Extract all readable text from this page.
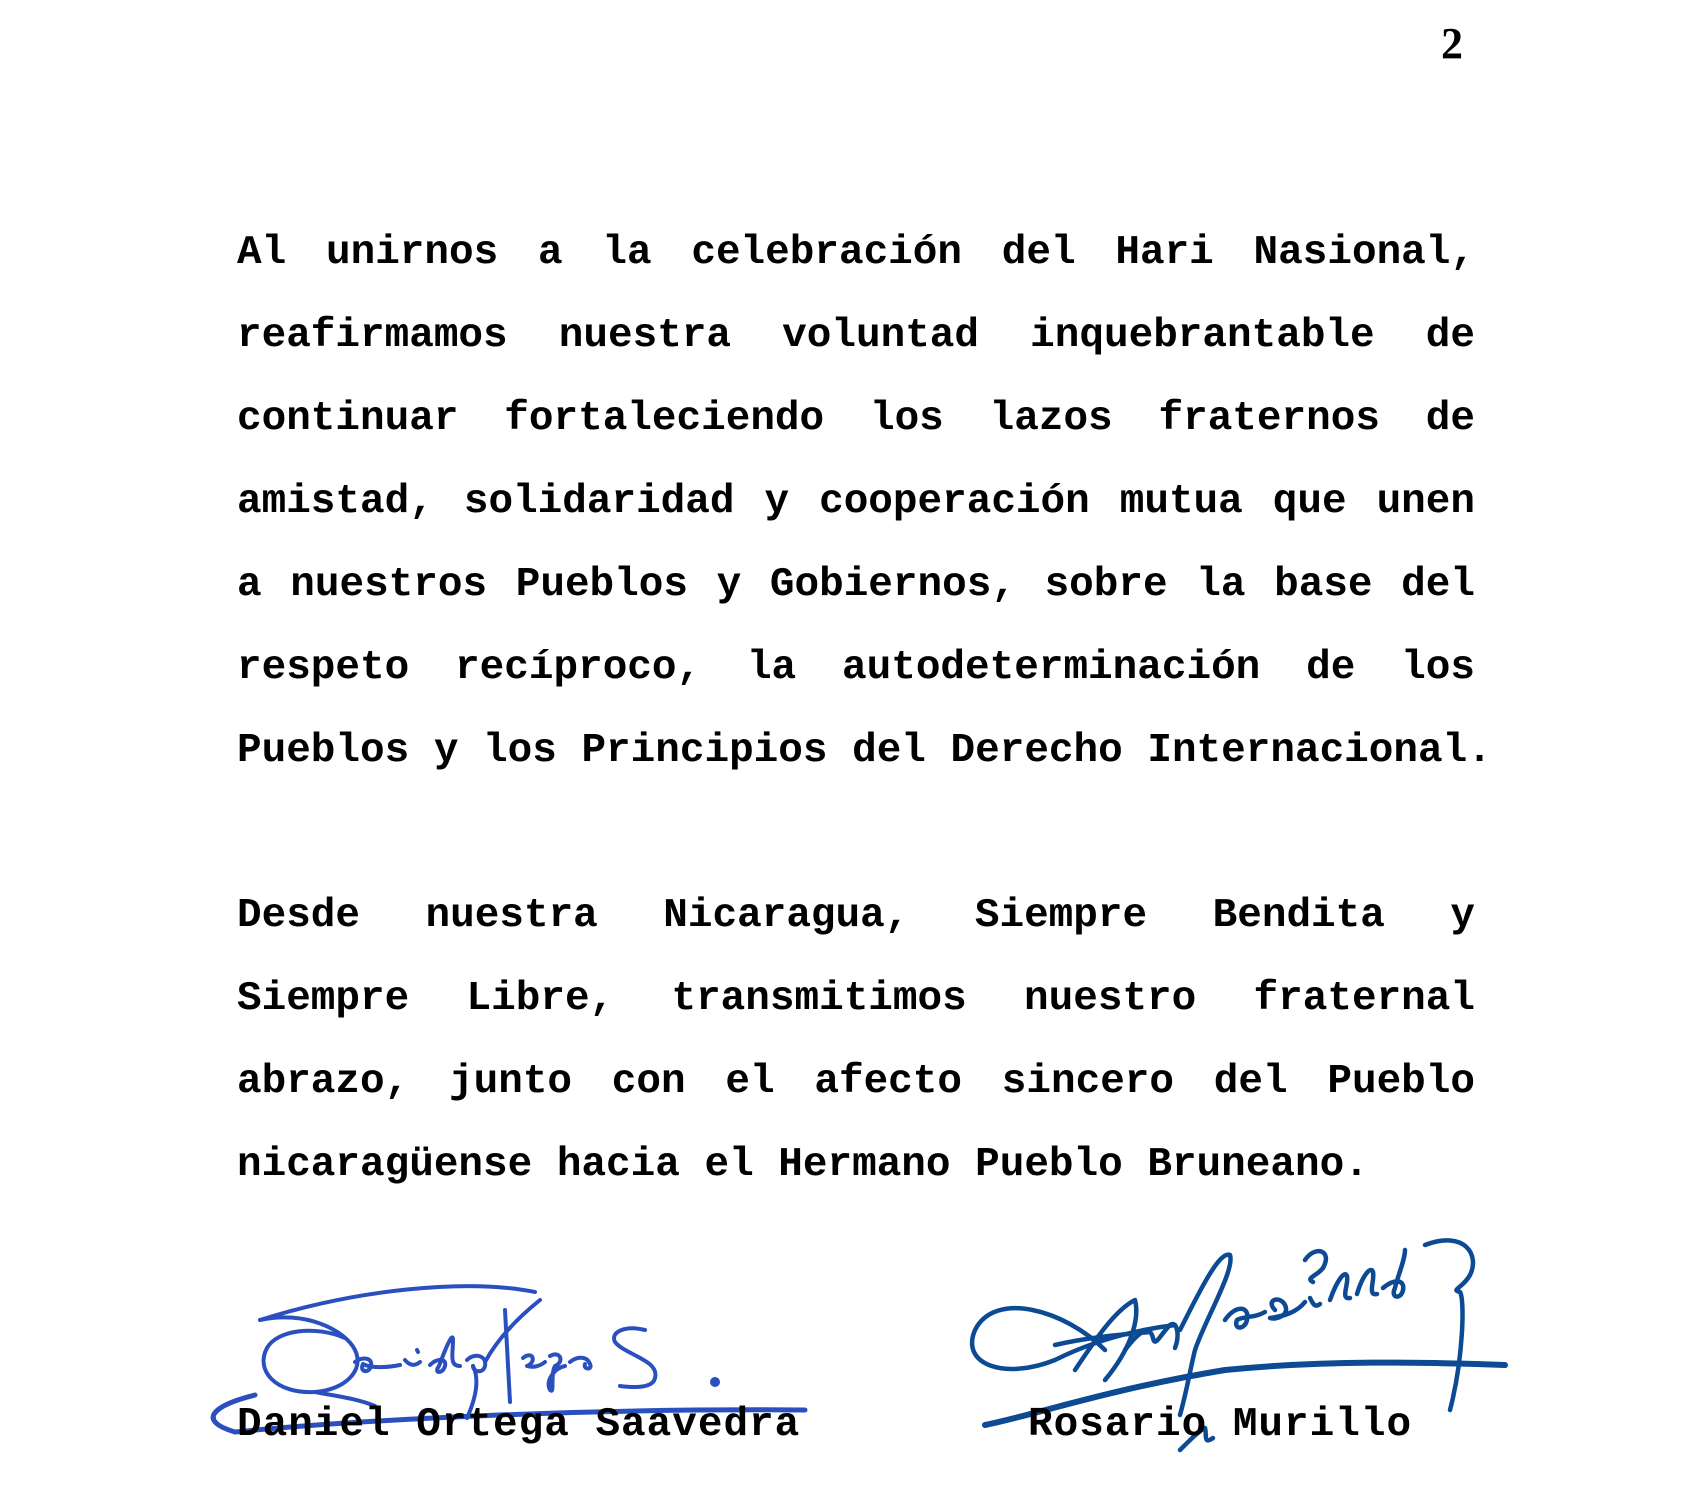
2
Al unirnos a la celebración del Hari Nasional,
reafirmamos nuestra voluntad inquebrantable de
continuar fortaleciendo los lazos fraternos de
amistad, solidaridad y cooperación mutua que unen
a nuestros Pueblos y Gobiernos, sobre la base del
respeto recíproco, la autodeterminación de los
Pueblos y los Principios del Derecho Internacional.
Desde nuestra Nicaragua, Siempre Bendita y
Siempre Libre, transmitimos nuestro fraternal
abrazo, junto con el afecto sincero del Pueblo
nicaragüense hacia el Hermano Pueblo Bruneano.
Daniel Ortega Saavedra	Rosario Murillo
